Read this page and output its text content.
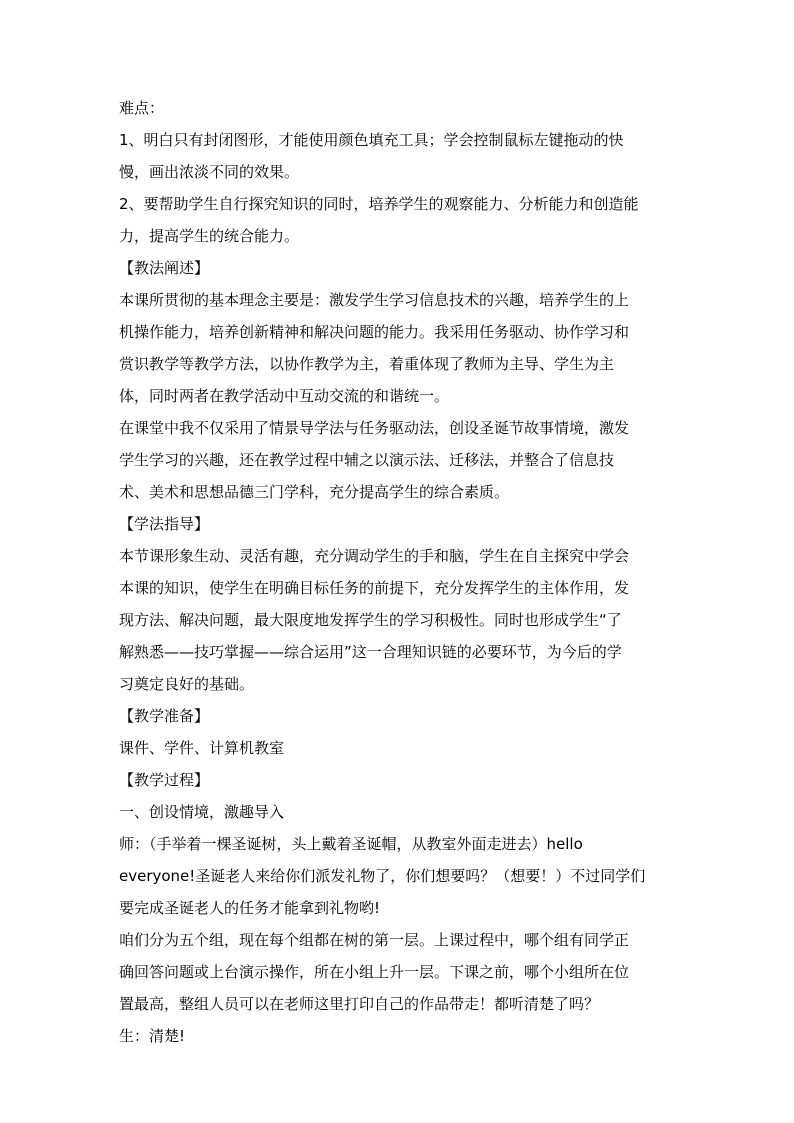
难点：
1、明白只有封闭图形，才能使用颜色填充工具；学会控制鼠标左键拖动的快
慢，画出浓淡不同的效果。
2、要帮助学生自行探究知识的同时，培养学生的观察能力、分析能力和创造能
力，提高学生的统合能力。
【教法阐述】
本课所贯彻的基本理念主要是：激发学生学习信息技术的兴趣，培养学生的上
机操作能力，培养创新精神和解决问题的能力。我采用任务驱动、协作学习和
赏识教学等教学方法，以协作教学为主，着重体现了教师为主导、学生为主
体，同时两者在教学活动中互动交流的和谐统一。
在课堂中我不仅采用了情景导学法与任务驱动法，创设圣诞节故事情境，激发
学生学习的兴趣，还在教学过程中辅之以演示法、迁移法，并整合了信息技
术、美术和思想品德三门学科，充分提高学生的综合素质。
【学法指导】
本节课形象生动、灵活有趣，充分调动学生的手和脑，学生在自主探究中学会
本课的知识，使学生在明确目标任务的前提下，充分发挥学生的主体作用，发
现方法、解决问题，最大限度地发挥学生的学习积极性。同时也形成学生“了
解熟悉——技巧掌握——综合运用”这一合理知识链的必要环节，为今后的学
习奠定良好的基础。
【教学准备】
课件、学件、计算机教室
【教学过程】
一、创设情境，激趣导入
师：（手举着一棵圣诞树，头上戴着圣诞帽，从教室外面走进去）hello
everyone!圣诞老人来给你们派发礼物了，你们想要吗？（想要！）不过同学们
要完成圣诞老人的任务才能拿到礼物哟!
咱们分为五个组，现在每个组都在树的第一层。上课过程中，哪个组有同学正
确回答问题或上台演示操作，所在小组上升一层。下课之前，哪个小组所在位
置最高，整组人员可以在老师这里打印自己的作品带走！都听清楚了吗？
生：清楚!
